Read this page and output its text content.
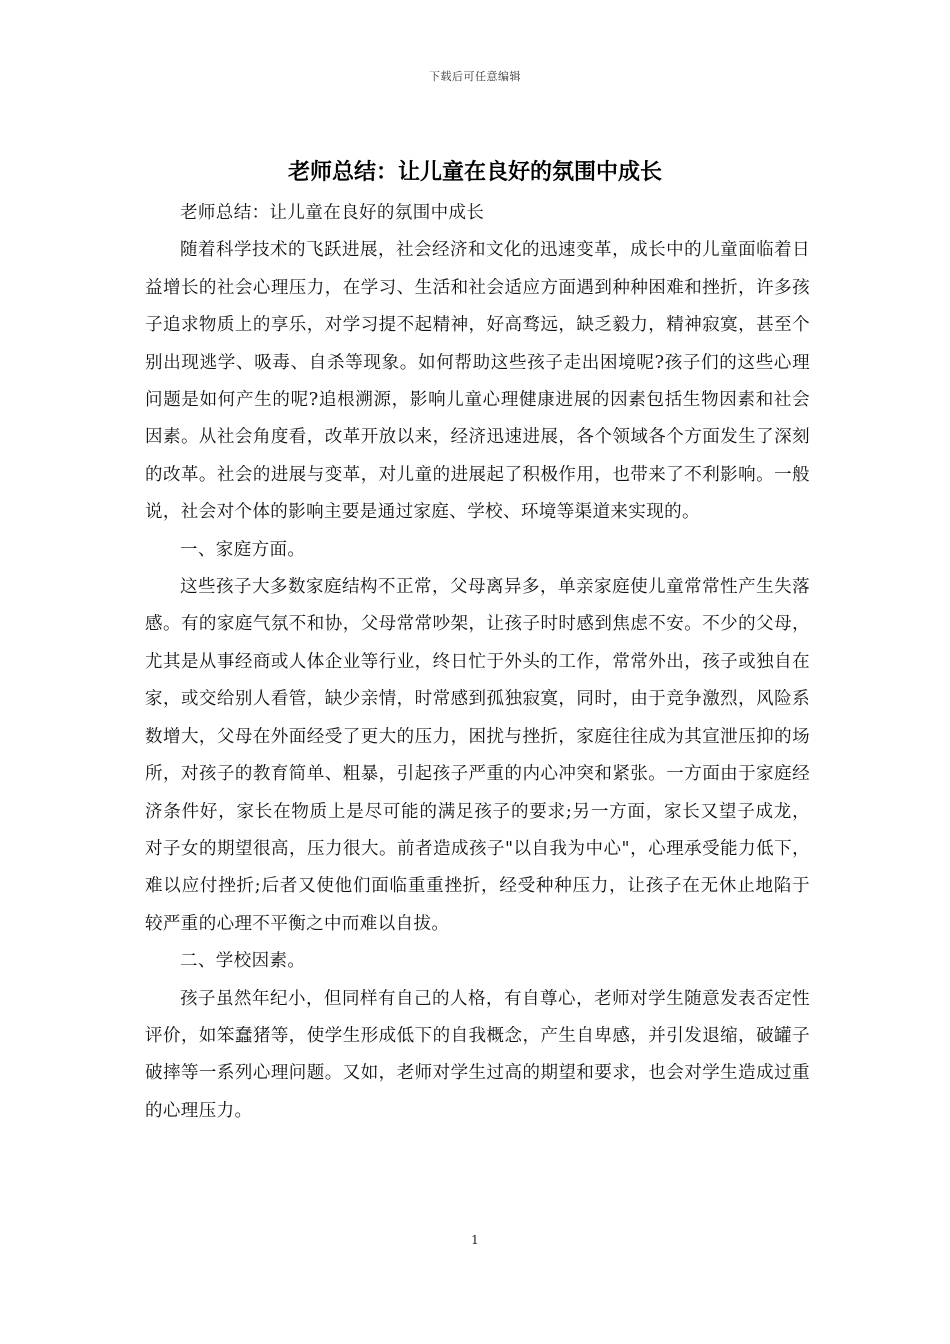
下载后可任意编辑
老师总结：让儿童在良好的氛围中成长

老师总结：让儿童在良好的氛围中成长

随着科学技术的飞跃进展，社会经济和文化的迅速变革，成长中的儿童面临着日益增长的社会心理压力，在学习、生活和社会适应方面遇到种种困难和挫折，许多孩子追求物质上的享乐，对学习提不起精神，好高骛远，缺乏毅力，精神寂寞，甚至个别出现逃学、吸毒、自杀等现象。如何帮助这些孩子走出困境呢?孩子们的这些心理问题是如何产生的呢?追根溯源，影响儿童心理健康进展的因素包括生物因素和社会因素。从社会角度看，改革开放以来，经济迅速进展，各个领域各个方面发生了深刻的改革。社会的进展与变革，对儿童的进展起了积极作用，也带来了不利影响。一般说，社会对个体的影响主要是通过家庭、学校、环境等渠道来实现的。

一、家庭方面。

这些孩子大多数家庭结构不正常，父母离异多，单亲家庭使儿童常常性产生失落感。有的家庭气氛不和协，父母常常吵架，让孩子时时感到焦虑不安。不少的父母，尤其是从事经商或人体企业等行业，终日忙于外头的工作，常常外出，孩子或独自在家，或交给别人看管，缺少亲情，时常感到孤独寂寞，同时，由于竞争激烈，风险系数增大，父母在外面经受了更大的压力，困扰与挫折，家庭往往成为其宣泄压抑的场所，对孩子的教育简单、粗暴，引起孩子严重的内心冲突和紧张。一方面由于家庭经济条件好，家长在物质上是尽可能的满足孩子的要求;另一方面，家长又望子成龙，对子女的期望很高，压力很大。前者造成孩子"以自我为中心"，心理承受能力低下，难以应付挫折;后者又使他们面临重重挫折，经受种种压力，让孩子在无休止地陷于较严重的心理不平衡之中而难以自拔。

二、学校因素。

孩子虽然年纪小，但同样有自己的人格，有自尊心，老师对学生随意发表否定性评价，如笨蠢猪等，使学生形成低下的自我概念，产生自卑感，并引发退缩，破罐子破摔等一系列心理问题。又如，老师对学生过高的期望和要求，也会对学生造成过重的心理压力。

1
